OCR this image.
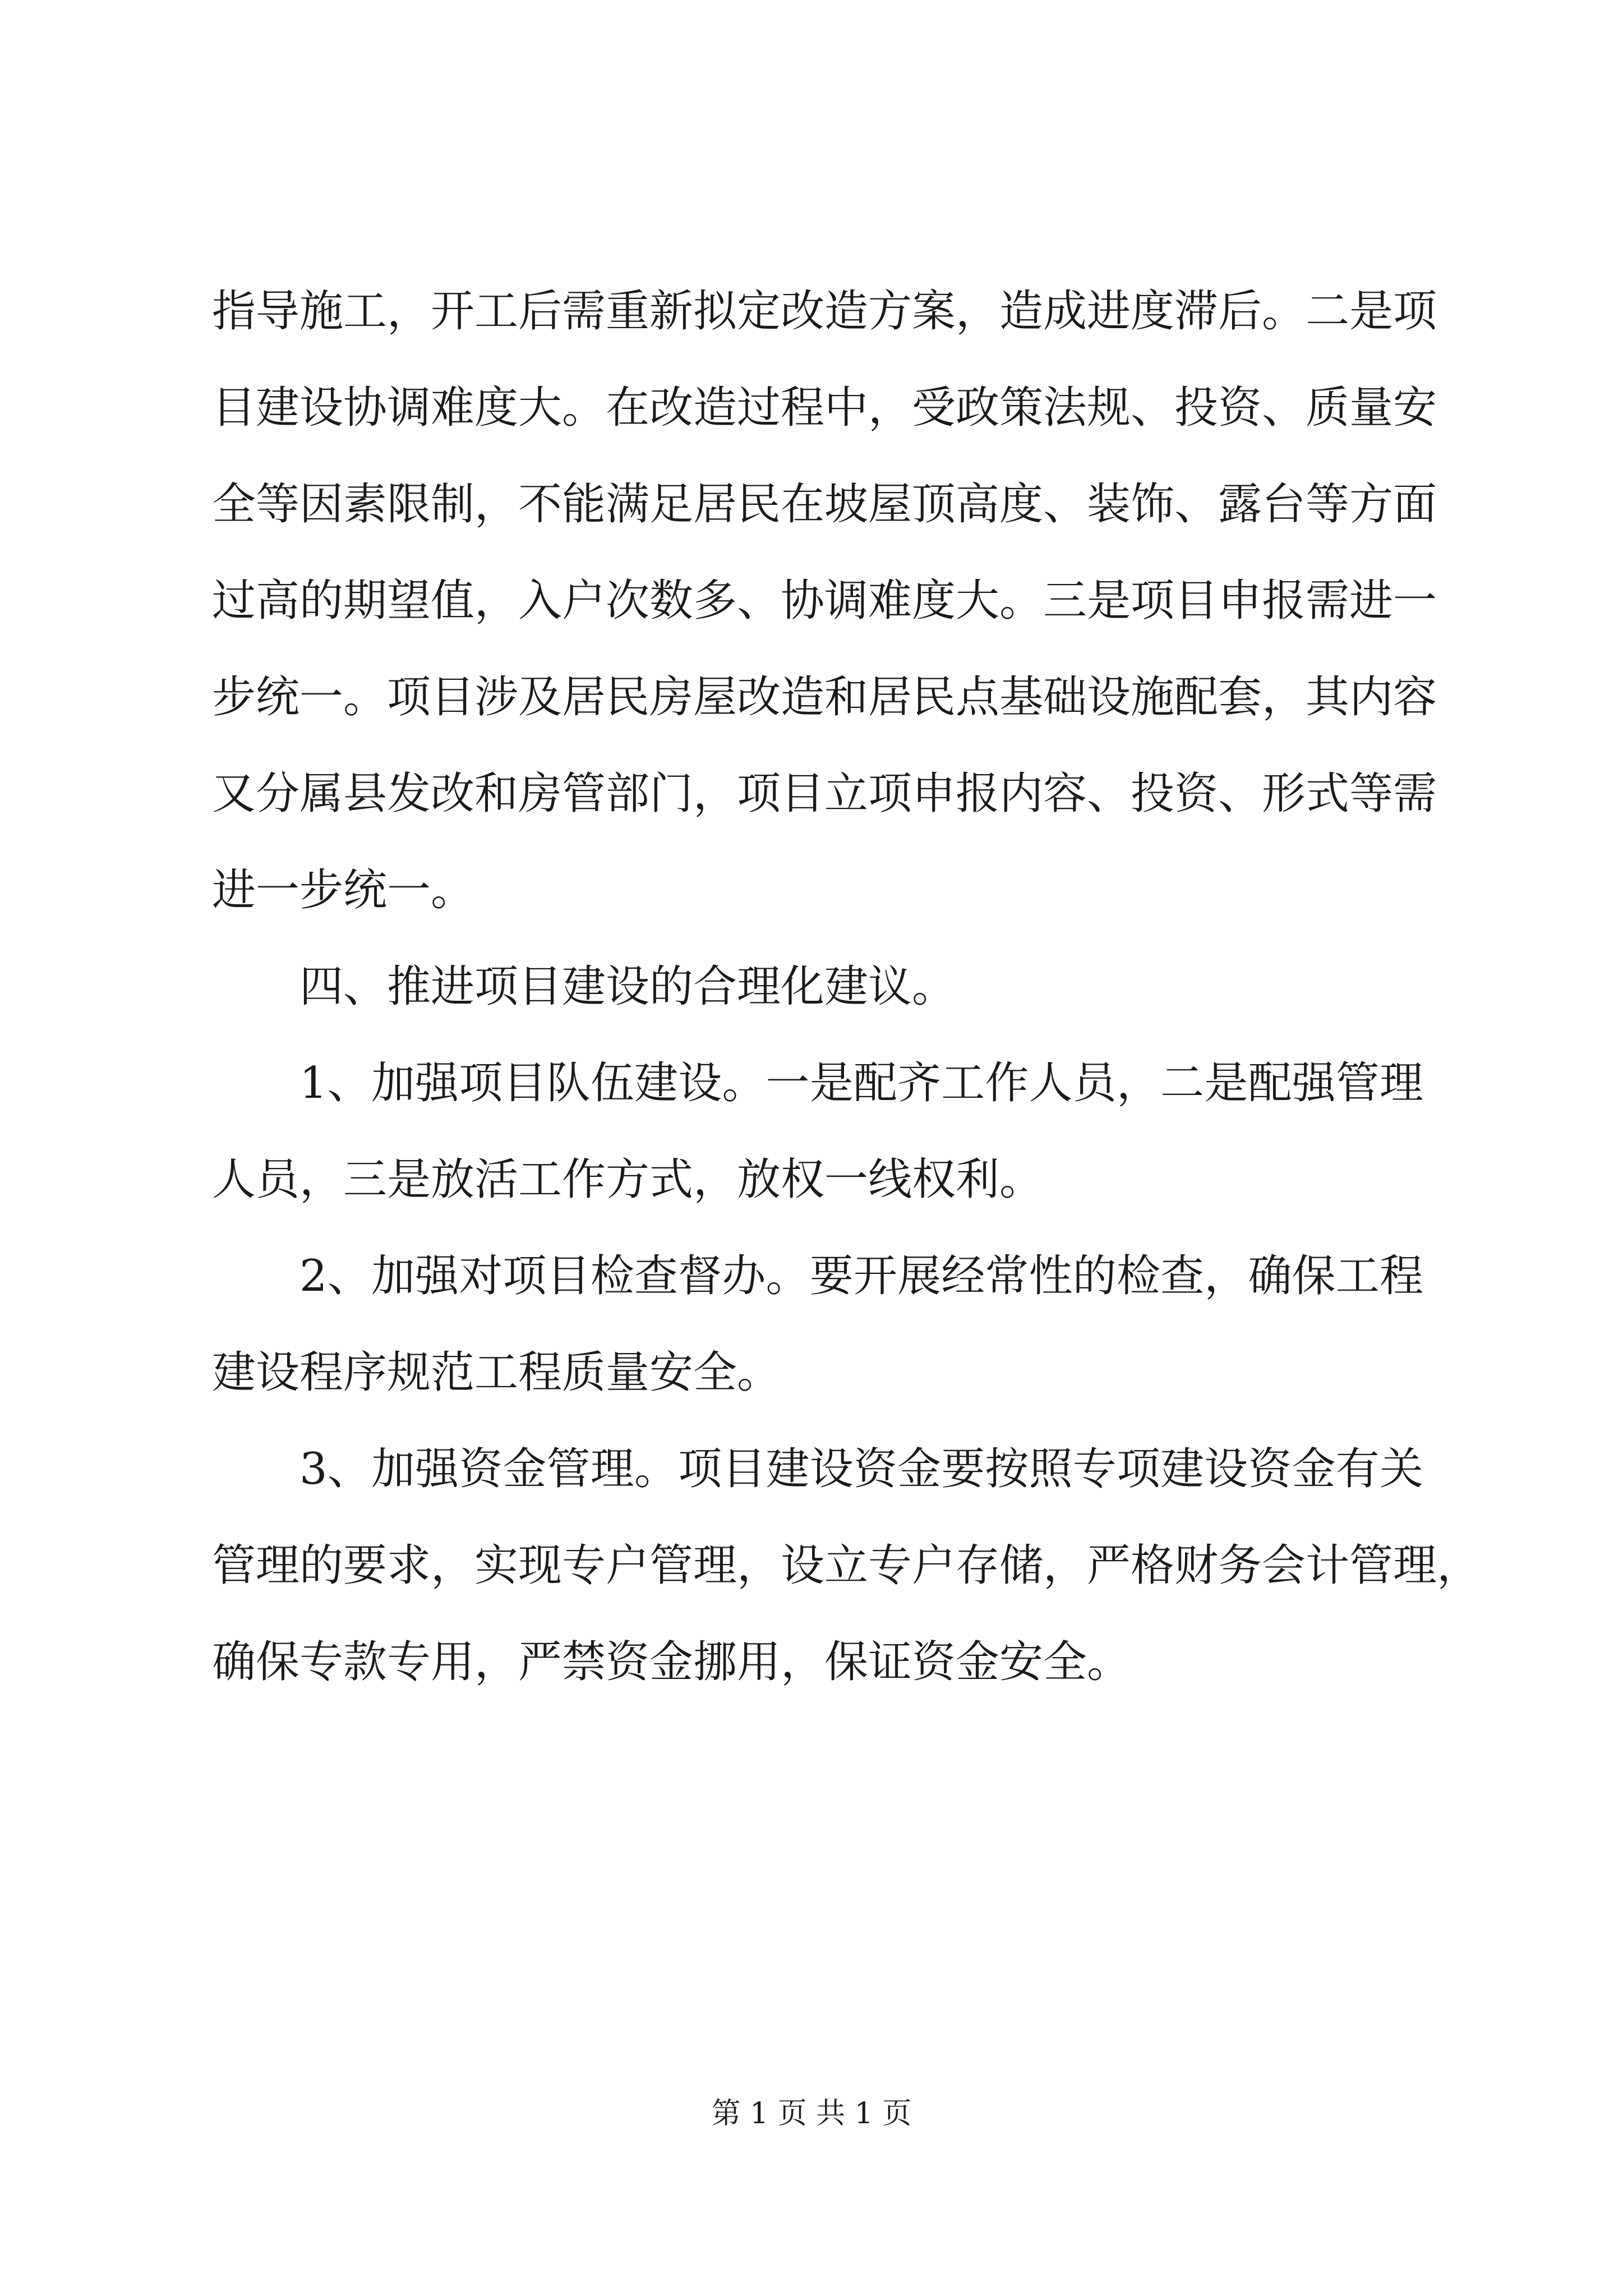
指导施工，开工后需重新拟定改造方案，造成进度滞后。二是项
目建设协调难度大。在改造过程中，受政策法规、投资、质量安
全等因素限制，不能满足居民在坡屋顶高度、装饰、露台等方面
过高的期望值，入户次数多、协调难度大。三是项目申报需进一
步统一。项目涉及居民房屋改造和居民点基础设施配套，其内容
又分属县发改和房管部门，项目立项申报内容、投资、形式等需
进一步统一。
四、推进项目建设的合理化建议。
1、加强项目队伍建设。一是配齐工作人员，二是配强管理
人员，三是放活工作方式，放权一线权利。
2、加强对项目检查督办。要开展经常性的检查，确保工程
建设程序规范工程质量安全。
3、加强资金管理。项目建设资金要按照专项建设资金有关
管理的要求，实现专户管理，设立专户存储，严格财务会计管理，
确保专款专用，严禁资金挪用，保证资金安全。
第 1 页 共 1 页
